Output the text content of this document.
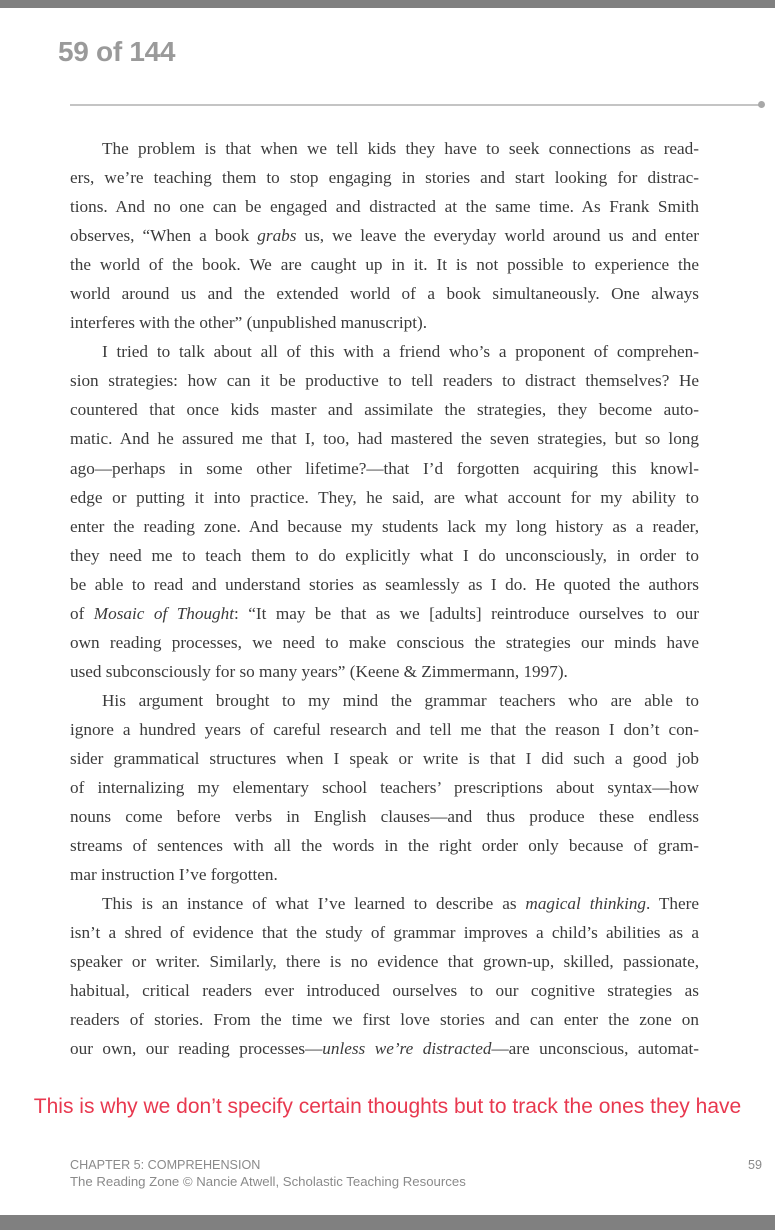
59 of 144
The problem is that when we tell kids they have to seek connections as read-
ers, we’re teaching them to stop engaging in stories and start looking for distrac-
tions. And no one can be engaged and distracted at the same time. As Frank Smith
observes, “When a book grabs us, we leave the everyday world around us and enter
the world of the book. We are caught up in it. It is not possible to experience the
world around us and the extended world of a book simultaneously. One always
interferes with the other” (unpublished manuscript).
I tried to talk about all of this with a friend who’s a proponent of comprehen-
sion strategies: how can it be productive to tell readers to distract themselves? He
countered that once kids master and assimilate the strategies, they become auto-
matic. And he assured me that I, too, had mastered the seven strategies, but so long
ago—perhaps in some other lifetime?—that I’d forgotten acquiring this knowl-
edge or putting it into practice. They, he said, are what account for my ability to
enter the reading zone. And because my students lack my long history as a reader,
they need me to teach them to do explicitly what I do unconsciously, in order to
be able to read and understand stories as seamlessly as I do. He quoted the authors
of Mosaic of Thought: “It may be that as we [adults] reintroduce ourselves to our
own reading processes, we need to make conscious the strategies our minds have
used subconsciously for so many years” (Keene & Zimmermann, 1997).
His argument brought to my mind the grammar teachers who are able to
ignore a hundred years of careful research and tell me that the reason I don’t con-
sider grammatical structures when I speak or write is that I did such a good job
of internalizing my elementary school teachers’ prescriptions about syntax—how
nouns come before verbs in English clauses—and thus produce these endless
streams of sentences with all the words in the right order only because of gram-
mar instruction I’ve forgotten.
This is an instance of what I’ve learned to describe as magical thinking. There
isn’t a shred of evidence that the study of grammar improves a child’s abilities as a
speaker or writer. Similarly, there is no evidence that grown-up, skilled, passionate,
habitual, critical readers ever introduced ourselves to our cognitive strategies as
readers of stories. From the time we first love stories and can enter the zone on
our own, our reading processes—unless we’re distracted—are unconscious, automat-
This is why we don’t specify certain thoughts but to track the ones they have
CHAPTER 5: COMPREHENSION
The Reading Zone © Nancie Atwell, Scholastic Teaching Resources
59
